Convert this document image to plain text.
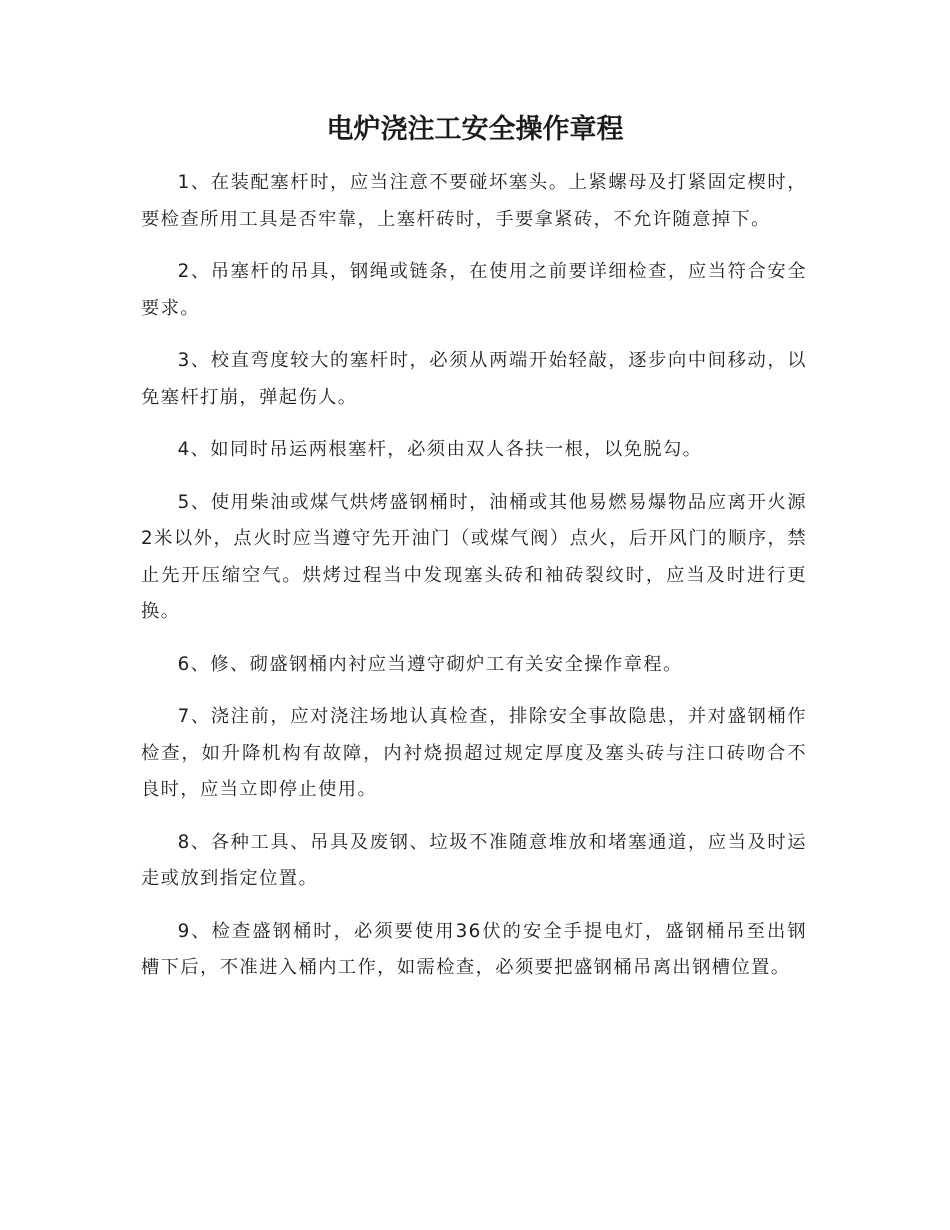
电炉浇注工安全操作章程

1、在装配塞杆时，应当注意不要碰坏塞头。上紧螺母及打紧固定楔时，要检查所用工具是否牢靠，上塞杆砖时，手要拿紧砖，不允许随意掉下。

2、吊塞杆的吊具，钢绳或链条，在使用之前要详细检查，应当符合安全要求。

3、校直弯度较大的塞杆时，必须从两端开始轻敲，逐步向中间移动，以免塞杆打崩，弹起伤人。

4、如同时吊运两根塞杆，必须由双人各扶一根，以免脱勾。

5、使用柴油或煤气烘烤盛钢桶时，油桶或其他易燃易爆物品应离开火源2米以外，点火时应当遵守先开油门（或煤气阀）点火，后开风门的顺序，禁止先开压缩空气。烘烤过程当中发现塞头砖和袖砖裂纹时，应当及时进行更换。

6、修、砌盛钢桶内衬应当遵守砌炉工有关安全操作章程。

7、浇注前，应对浇注场地认真检查，排除安全事故隐患，并对盛钢桶作检查，如升降机构有故障，内衬烧损超过规定厚度及塞头砖与注口砖吻合不良时，应当立即停止使用。

8、各种工具、吊具及废钢、垃圾不准随意堆放和堵塞通道，应当及时运走或放到指定位置。

9、检查盛钢桶时，必须要使用36伏的安全手提电灯，盛钢桶吊至出钢槽下后，不准进入桶内工作，如需检查，必须要把盛钢桶吊离出钢槽位置。
